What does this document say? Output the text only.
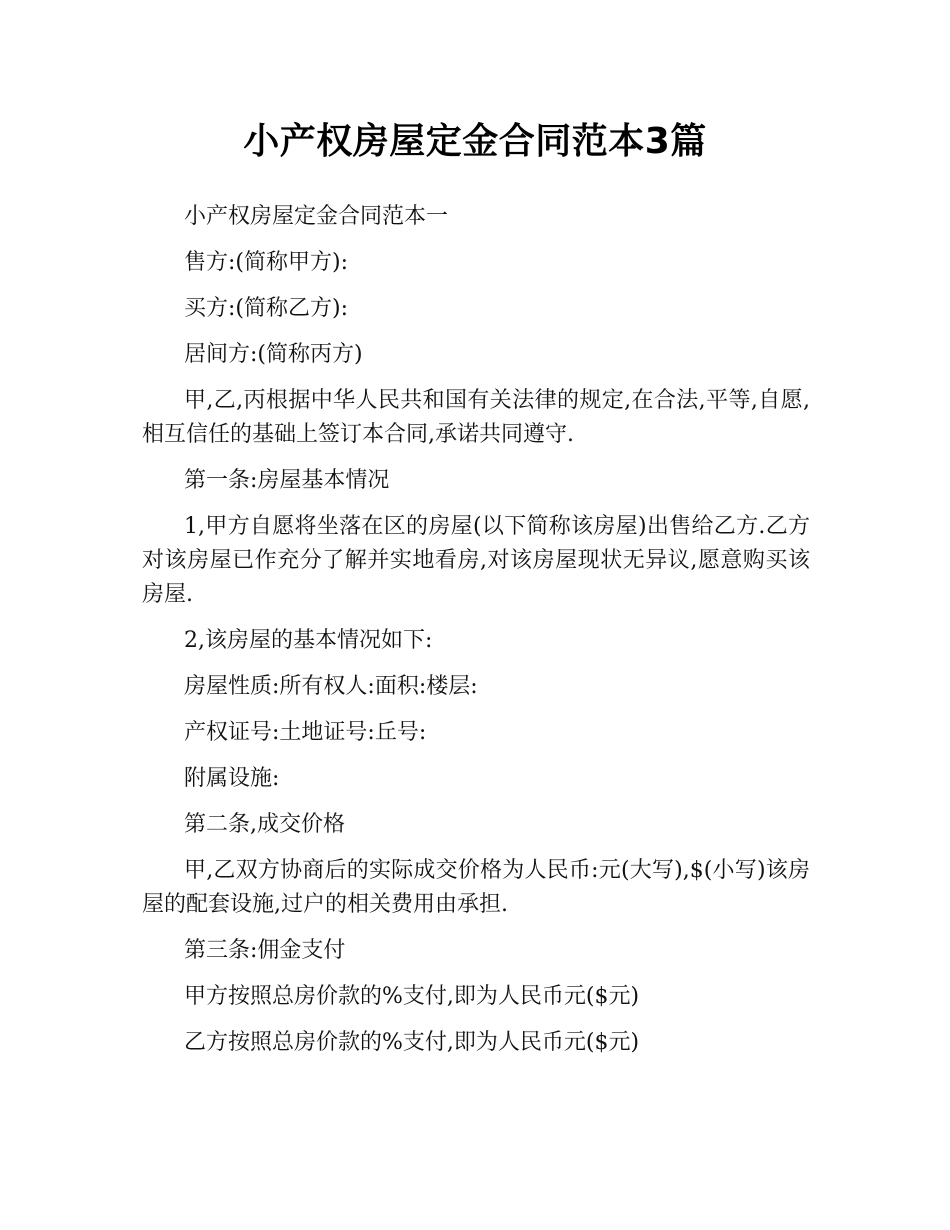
小产权房屋定金合同范本3篇

小产权房屋定金合同范本一

售方:(简称甲方):

买方:(简称乙方):

居间方:(简称丙方)

甲,乙,丙根据中华人民共和国有关法律的规定,在合法,平等,自愿,相互信任的基础上签订本合同,承诺共同遵守.

第一条:房屋基本情况

1,甲方自愿将坐落在区的房屋(以下简称该房屋)出售给乙方.乙方对该房屋已作充分了解并实地看房,对该房屋现状无异议,愿意购买该房屋.

2,该房屋的基本情况如下:

房屋性质:所有权人:面积:楼层:

产权证号:土地证号:丘号:

附属设施:

第二条,成交价格

甲,乙双方协商后的实际成交价格为人民币:元(大写),$(小写)该房屋的配套设施,过户的相关费用由承担.

第三条:佣金支付

甲方按照总房价款的%支付,即为人民币元($元)

乙方按照总房价款的%支付,即为人民币元($元)
